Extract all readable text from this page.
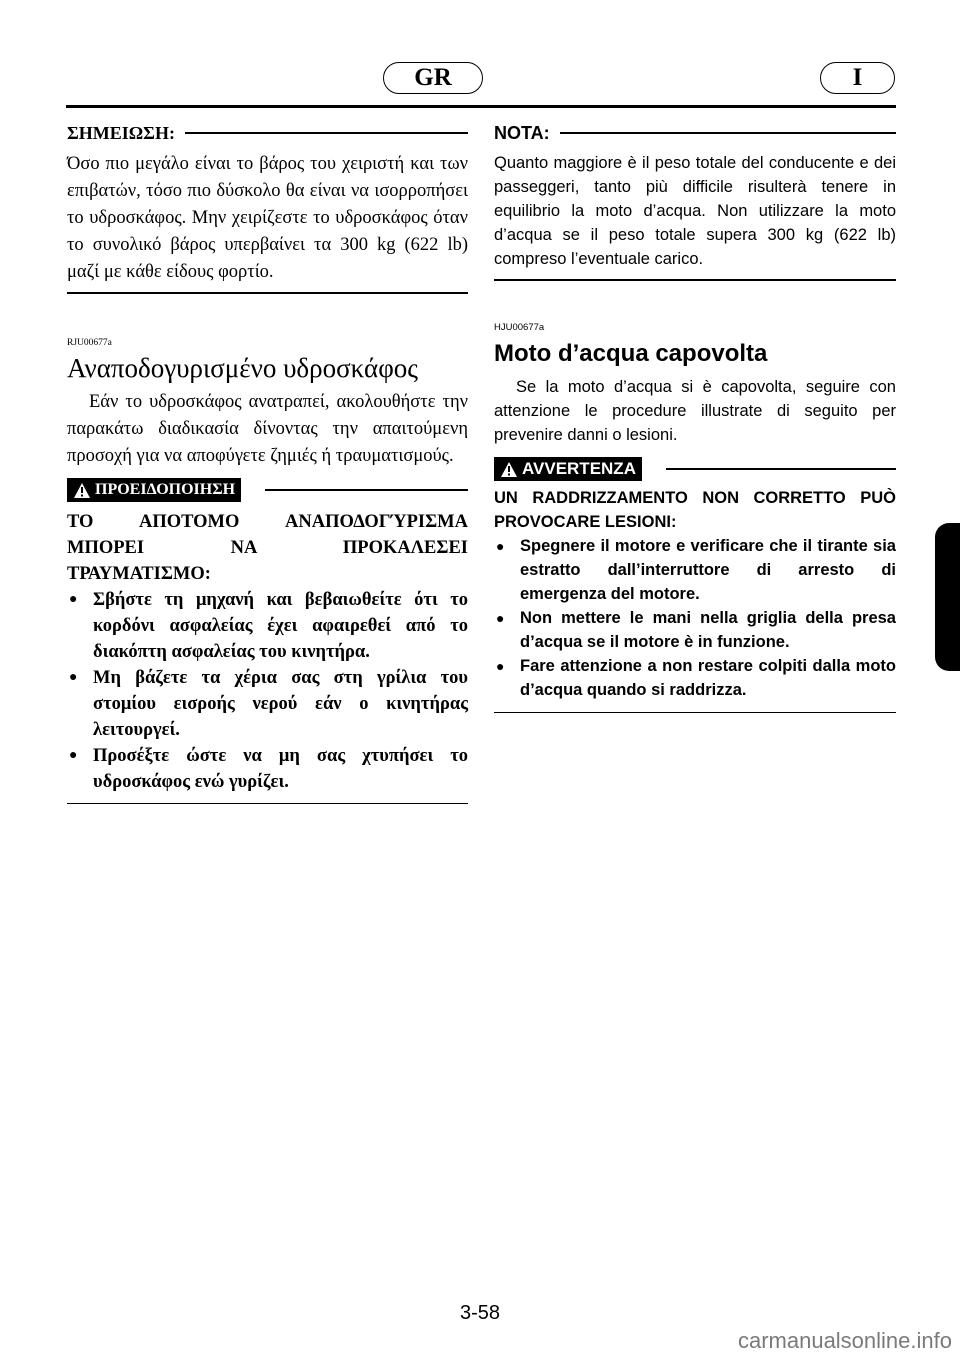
GR	I
ΣΗΜΕΙΩΣΗ:

Όσο πιο μεγάλο είναι το βάρος του χειριστή και των επιβατών, τόσο πιο δύσκολο θα είναι να ισορροπήσει το υδροσκάφος. Μην χειρίζεστε το υδροσκάφος όταν το συνολικό βάρος υπερβαίνει τα 300 kg (622 lb) μαζί με κάθε είδους φορτίο.

RJU00677a
Αναποδογυρισμένο υδροσκάφος

Εάν το υδροσκάφος ανατραπεί, ακολουθήστε την παρακάτω διαδικασία δίνοντας την απαιτούμενη προσοχή για να αποφύγετε ζημιές ή τραυματισμούς.

ΠΡΟΕΙΔΟΠΟΙΗΣΗ
ΤΟ ΑΠΟΤΟΜΟ ΑΝΑΠΟΔΟΓΎΡΙΣΜΑ
ΜΠΟΡΕΙ ΝΑ ΠΡΟΚΑΛΕΣΕΙ
ΤΡΑΥΜΑΤΙΣΜΟ:
● Σβήστε τη μηχανή και βεβαιωθείτε ότι το κορδόνι ασφαλείας έχει αφαιρεθεί από το διακόπτη ασφαλείας του κινητήρα.
● Μη βάζετε τα χέρια σας στη γρίλια του στομίου εισροής νερού εάν ο κινητήρας λειτουργεί.
● Προσέξτε ώστε να μη σας χτυπήσει το υδροσκάφος ενώ γυρίζει.
NOTA:

Quanto maggiore è il peso totale del conducente e dei passeggeri, tanto più difficile risulterà tenere in equilibrio la moto d’acqua. Non utilizzare la moto d’acqua se il peso totale supera 300 kg (622 lb) compreso l’eventuale carico.

HJU00677a
Moto d’acqua capovolta

Se la moto d’acqua si è capovolta, seguire con attenzione le procedure illustrate di seguito per prevenire danni o lesioni.

AVVERTENZA

UN RADDRIZZAMENTO NON CORRETTO PUÒ PROVOCARE LESIONI:

● Spegnere il motore e verificare che il tirante sia estratto dall’interruttore di arresto di emergenza del motore.
● Non mettere le mani nella griglia della presa d’acqua se il motore è in funzione.
● Fare attenzione a non restare colpiti dalla moto d’acqua quando si raddrizza.
3-58
carmanualsonline.info
